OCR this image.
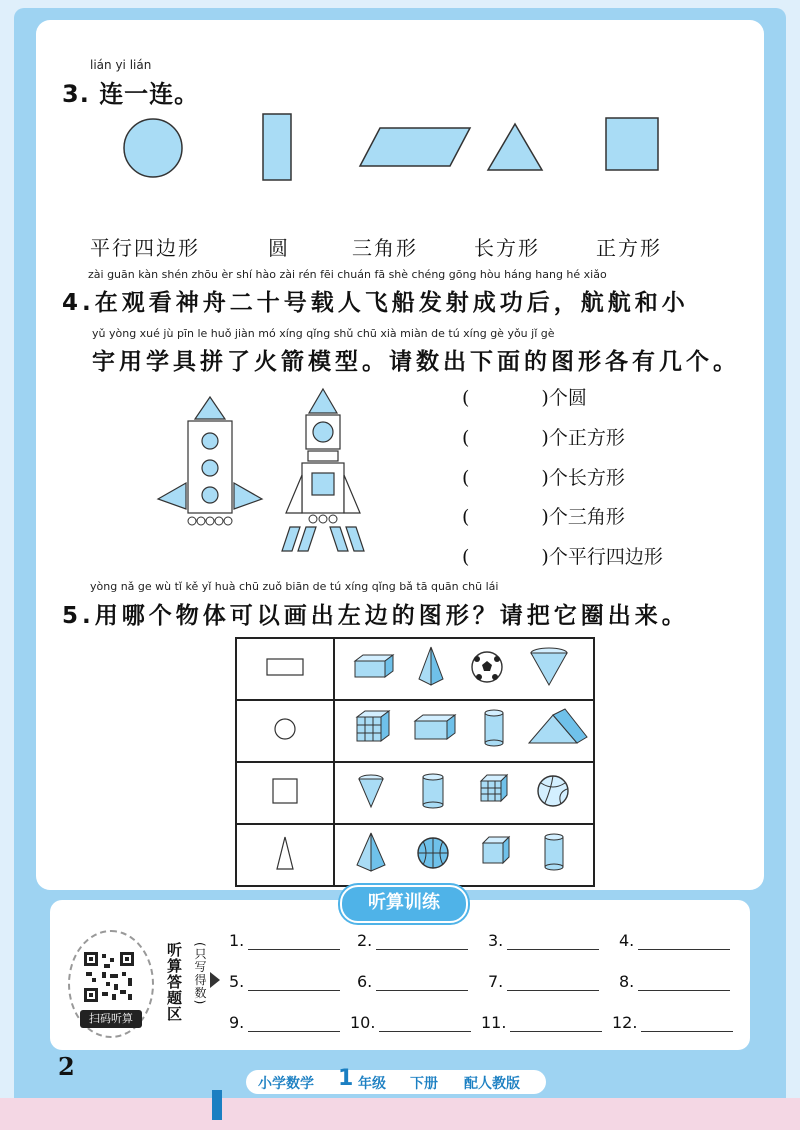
lián yi lián
3. 连一连。
平行四边形	圆	三角形	长方形	正方形
zài guān kàn shén zhōu èr shí hào zài rén fēi chuán fā shè chéng gōng hòu háng hang hé xiǎo
4.在观看神舟二十号载人飞船发射成功后，航航和小
yǔ yòng xué jù pīn le huǒ jiàn mó xíng qǐng shǔ chū xià miàn de tú xíng gè yǒu jǐ gè
宇用学具拼了火箭模型。请数出下面的图形各有几个。
(	)个圆
(	)个正方形
(	)个长方形
(	)个三角形
(	)个平行四边形
yòng nǎ ge wù tǐ kě yǐ huà chū zuǒ biān de tú xíng qǐng bǎ tā quān chū lái
5.用哪个物体可以画出左边的图形？请把它圈出来。

听算训练
扫码听算	听算答题区 (只写得数)
1.	2.	3.	4.
5.	6.	7.	8.
9.	10.	11.	12.
2
小学数学 1 年级 下册 配人教版
